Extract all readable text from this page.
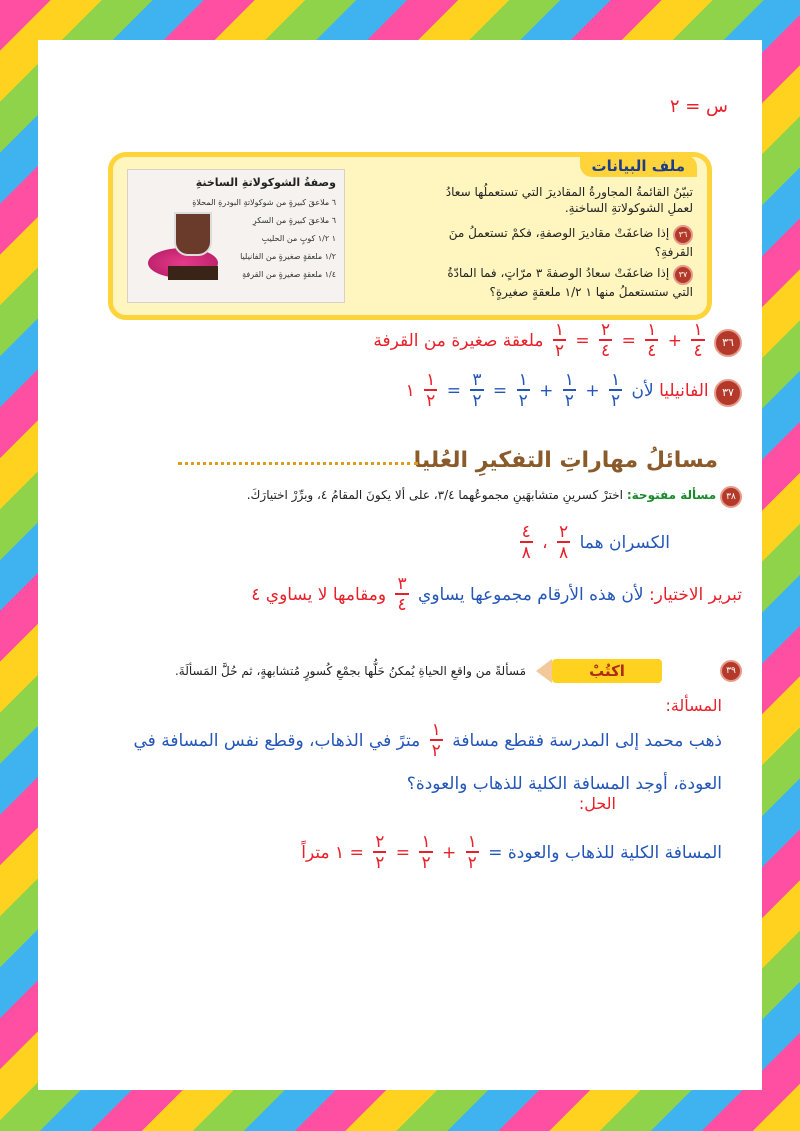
س = ٢
ملف البيانات
وصفةُ الشوكولاتةِ الساخنةِ
٦ ملاعقَ كبيرةٍ من شوكولاتةِ البودرةِ المحلاةِ
٦ ملاعقَ كبيرةٍ من السكرِ
١ ١/٢ كوبٍ من الحليبِ
١/٢ ملعقةٍ صغيرةٍ من الفانيليا
١/٤ ملعقةٍ صغيرةٍ من القرفةِ
تبيّنُ القائمةُ المجاورةُ المقاديرَ التي تستعملُها سعادُ
لعملِ الشوكولاتةِ الساخنةِ.
٣٦ إذا ضاعفَتْ مقاديرَ الوصفةِ، فكمْ تستعملُ منَ
القرفةِ؟
٣٧ إذا ضاعفَتْ سعادُ الوصفةَ ٣ مرّاتٍ، فما المادّةُ
التي ستستعملُ منها ١ ١/٢ ملعقةٍ صغيرةٍ؟
٣٦
$\frac{١}{٤}$
+
$\frac{١}{٤}$
=
$\frac{٢}{٤}$
=
$\frac{١}{٢}$
ملعقة صغيرة من القرفة
٣٧ الفانيليا لأن
$\frac{١}{٢}$
+
$\frac{١}{٢}$
+
$\frac{١}{٢}$
=
$\frac{٣}{٢}$
=
$\frac{١}{٢}$
١
مسائلُ مهاراتِ التفكيرِ العُليا
٣٨ مسألة مفتوحة: اخترْ كسرينِ متشابهَينِ مجموعُهما ٣/٤، على ألا يكونَ المقامُ ٤، وبرِّرْ اختيارَكَ.
الكسران هما
$\frac{٢}{٨}$
،
$\frac{٤}{٨}$
تبرير الاختيار: لأن هذه الأرقام مجموعها يساوي
$\frac{٣}{٤}$
ومقامها لا يساوي ٤
٣٩
اكتُبْ
مَسألةً من واقعِ الحياةِ يُمكنُ حَلُّها بجمْعِ كُسورٍ مُتشابهةٍ، ثم حُلَّ المَسألَةَ.
المسألة:
ذهب محمد إلى المدرسة فقطع مسافة
$\frac{١}{٢}$
مترً في الذهاب، وقطع نفس المسافة في
العودة، أوجد المسافة الكلية للذهاب والعودة؟
الحل:
المسافة الكلية للذهاب والعودة =
$\frac{١}{٢}$
+
$\frac{١}{٢}$
=
$\frac{٢}{٢}$
= ١ متراً
